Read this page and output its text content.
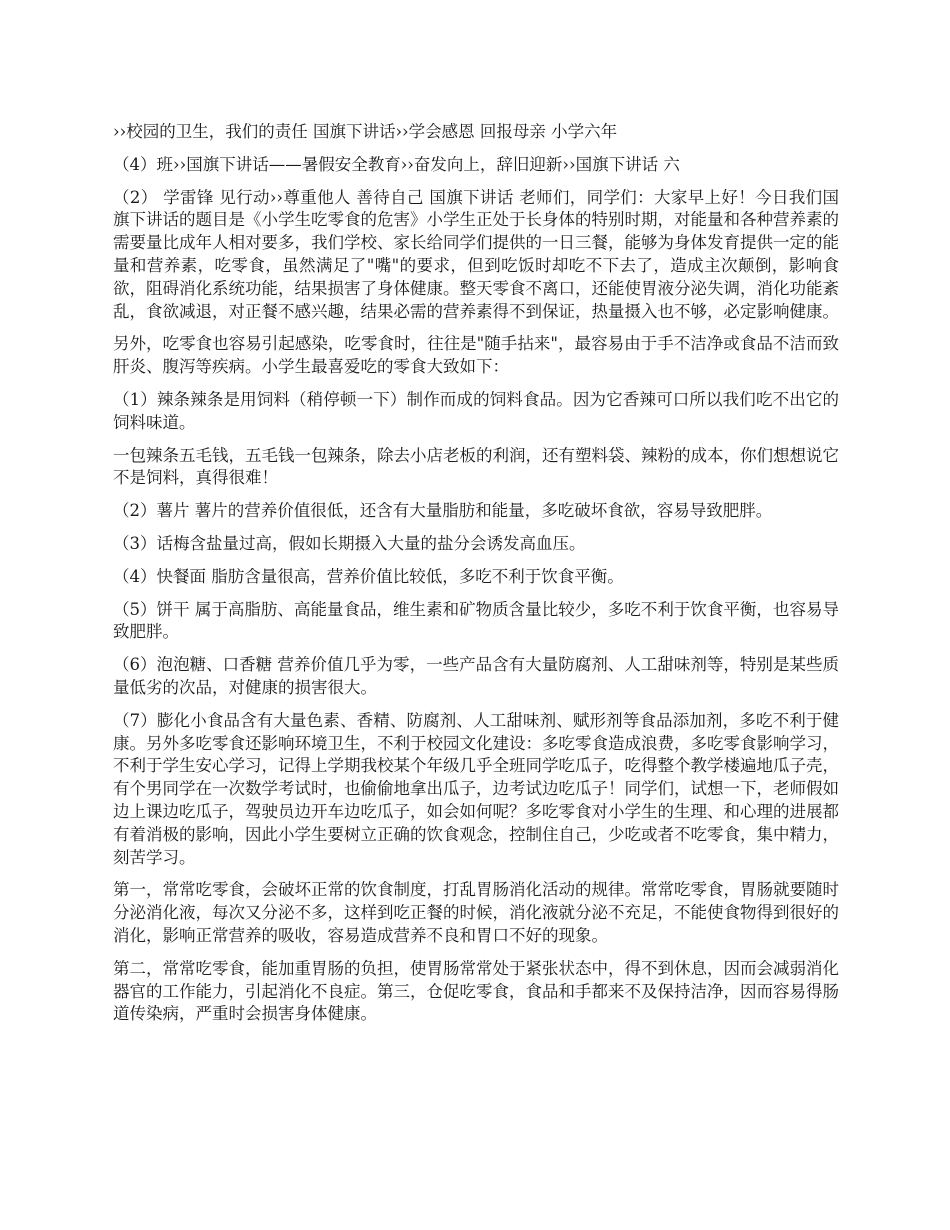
››校园的卫生，我们的责任 国旗下讲话››学会感恩 回报母亲 小学六年

（4）班››国旗下讲话——暑假安全教育››奋发向上，辞旧迎新››国旗下讲话 六

（2） 学雷锋 见行动››尊重他人 善待自己 国旗下讲话 老师们，同学们：大家早上好！今日我们国旗下讲话的题目是《小学生吃零食的危害》小学生正处于长身体的特别时期，对能量和各种营养素的需要量比成年人相对要多，我们学校、家长给同学们提供的一日三餐，能够为身体发育提供一定的能量和营养素，吃零食，虽然满足了"嘴"的要求，但到吃饭时却吃不下去了，造成主次颠倒，影响食欲，阻碍消化系统功能，结果损害了身体健康。整天零食不离口，还能使胃液分泌失调，消化功能紊乱，食欲减退，对正餐不感兴趣，结果必需的营养素得不到保证，热量摄入也不够，必定影响健康。

另外，吃零食也容易引起感染，吃零食时，往往是"随手拈来"，最容易由于手不洁净或食品不洁而致肝炎、腹泻等疾病。小学生最喜爱吃的零食大致如下：

（1）辣条辣条是用饲料（稍停顿一下）制作而成的饲料食品。因为它香辣可口所以我们吃不出它的饲料味道。

一包辣条五毛钱，五毛钱一包辣条，除去小店老板的利润，还有塑料袋、辣粉的成本，你们想想说它不是饲料，真得很难！

（2）薯片 薯片的营养价值很低，还含有大量脂肪和能量，多吃破坏食欲，容易导致肥胖。

（3）话梅含盐量过高，假如长期摄入大量的盐分会诱发高血压。

（4）快餐面 脂肪含量很高，营养价值比较低，多吃不利于饮食平衡。

（5）饼干 属于高脂肪、高能量食品，维生素和矿物质含量比较少，多吃不利于饮食平衡，也容易导致肥胖。

（6）泡泡糖、口香糖 营养价值几乎为零，一些产品含有大量防腐剂、人工甜味剂等，特别是某些质量低劣的次品，对健康的损害很大。

（7）膨化小食品含有大量色素、香精、防腐剂、人工甜味剂、赋形剂等食品添加剂，多吃不利于健康。另外多吃零食还影响环境卫生，不利于校园文化建设：多吃零食造成浪费，多吃零食影响学习，不利于学生安心学习，记得上学期我校某个年级几乎全班同学吃瓜子，吃得整个教学楼遍地瓜子壳，有个男同学在一次数学考试时，也偷偷地拿出瓜子，边考试边吃瓜子！同学们，试想一下，老师假如边上课边吃瓜子，驾驶员边开车边吃瓜子，如会如何呢？多吃零食对小学生的生理、和心理的进展都有着消极的影响，因此小学生要树立正确的饮食观念，控制住自己，少吃或者不吃零食，集中精力，刻苦学习。

第一，常常吃零食，会破坏正常的饮食制度，打乱胃肠消化活动的规律。常常吃零食，胃肠就要随时分泌消化液，每次又分泌不多，这样到吃正餐的时候，消化液就分泌不充足，不能使食物得到很好的消化，影响正常营养的吸收，容易造成营养不良和胃口不好的现象。

第二，常常吃零食，能加重胃肠的负担，使胃肠常常处于紧张状态中，得不到休息，因而会减弱消化器官的工作能力，引起消化不良症。第三，仓促吃零食，食品和手都来不及保持洁净，因而容易得肠道传染病，严重时会损害身体健康。
